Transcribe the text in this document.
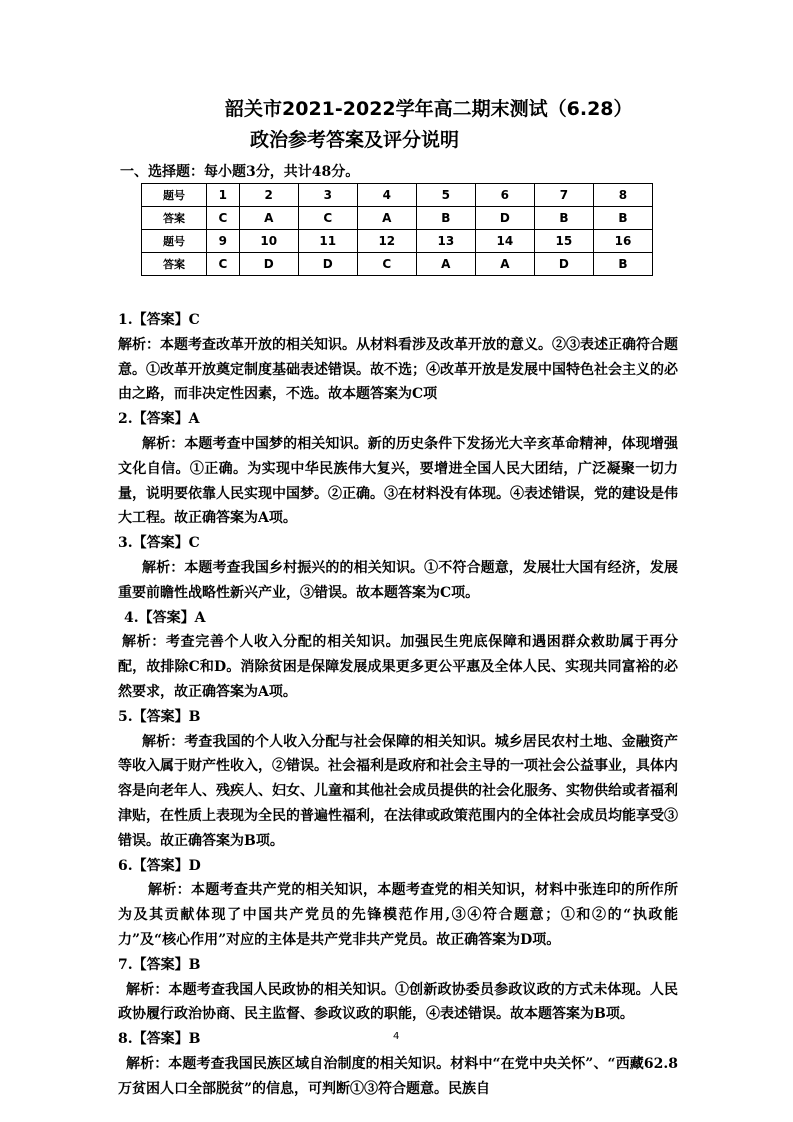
韶关市2021-2022学年高二期末测试（6.28）
政治参考答案及评分说明
一、选择题：每小题3分，共计48分。
题号	1	2	3	4	5	6	7	8
答案	C	A	C	A	B	D	B	B
题号	9	10	11	12	13	14	15	16
答案	C	D	D	C	A	A	D	B

1.【答案】C

解析：本题考查改革开放的相关知识。从材料看涉及改革开放的意义。②③表述正确符合题意。①改革开放奠定制度基础表述错误。故不选；④改革开放是发展中国特色社会主义的必由之路，而非决定性因素，不选。故本题答案为C项

2.【答案】A

解析：本题考查中国梦的相关知识。新的历史条件下发扬光大辛亥革命精神，体现增强文化自信。①正确。为实现中华民族伟大复兴，要增进全国人民大团结，广泛凝聚一切力量，说明要依靠人民实现中国梦。②正确。③在材料没有体现。④表述错误，党的建设是伟大工程。故正确答案为A项。

3.【答案】C

解析：本题考查我国乡村振兴的的相关知识。①不符合题意，发展壮大国有经济，发展重要前瞻性战略性新兴产业，③错误。故本题答案为C项。

4.【答案】A

解析：考查完善个人收入分配的相关知识。加强民生兜底保障和遇困群众救助属于再分配，故排除C和D。消除贫困是保障发展成果更多更公平惠及全体人民、实现共同富裕的必然要求，故正确答案为A项。

5.【答案】B

解析：考查我国的个人收入分配与社会保障的相关知识。城乡居民农村土地、金融资产等收入属于财产性收入，②错误。社会福利是政府和社会主导的一项社会公益事业，具体内容是向老年人、残疾人、妇女、儿童和其他社会成员提供的社会化服务、实物供给或者福利津贴，在性质上表现为全民的普遍性福利，在法律或政策范围内的全体社会成员均能享受③错误。故正确答案为B项。

6.【答案】D

解析：本题考查共产党的相关知识，本题考查党的相关知识，材料中张连印的所作所为及其贡献体现了中国共产党员的先锋模范作用,③④符合题意；①和②的“执政能力”及“核心作用”对应的主体是共产党非共产党员。故正确答案为D项。

7.【答案】B

解析：本题考查我国人民政协的相关知识。①创新政协委员参政议政的方式未体现。人民政协履行政治协商、民主监督、参政议政的职能，④表述错误。故本题答案为B项。

8.【答案】B

解析：本题考查我国民族区域自治制度的相关知识。材料中“在党中央关怀”、“西藏62.8万贫困人口全部脱贫”的信息，可判断①③符合题意。民族自

4
